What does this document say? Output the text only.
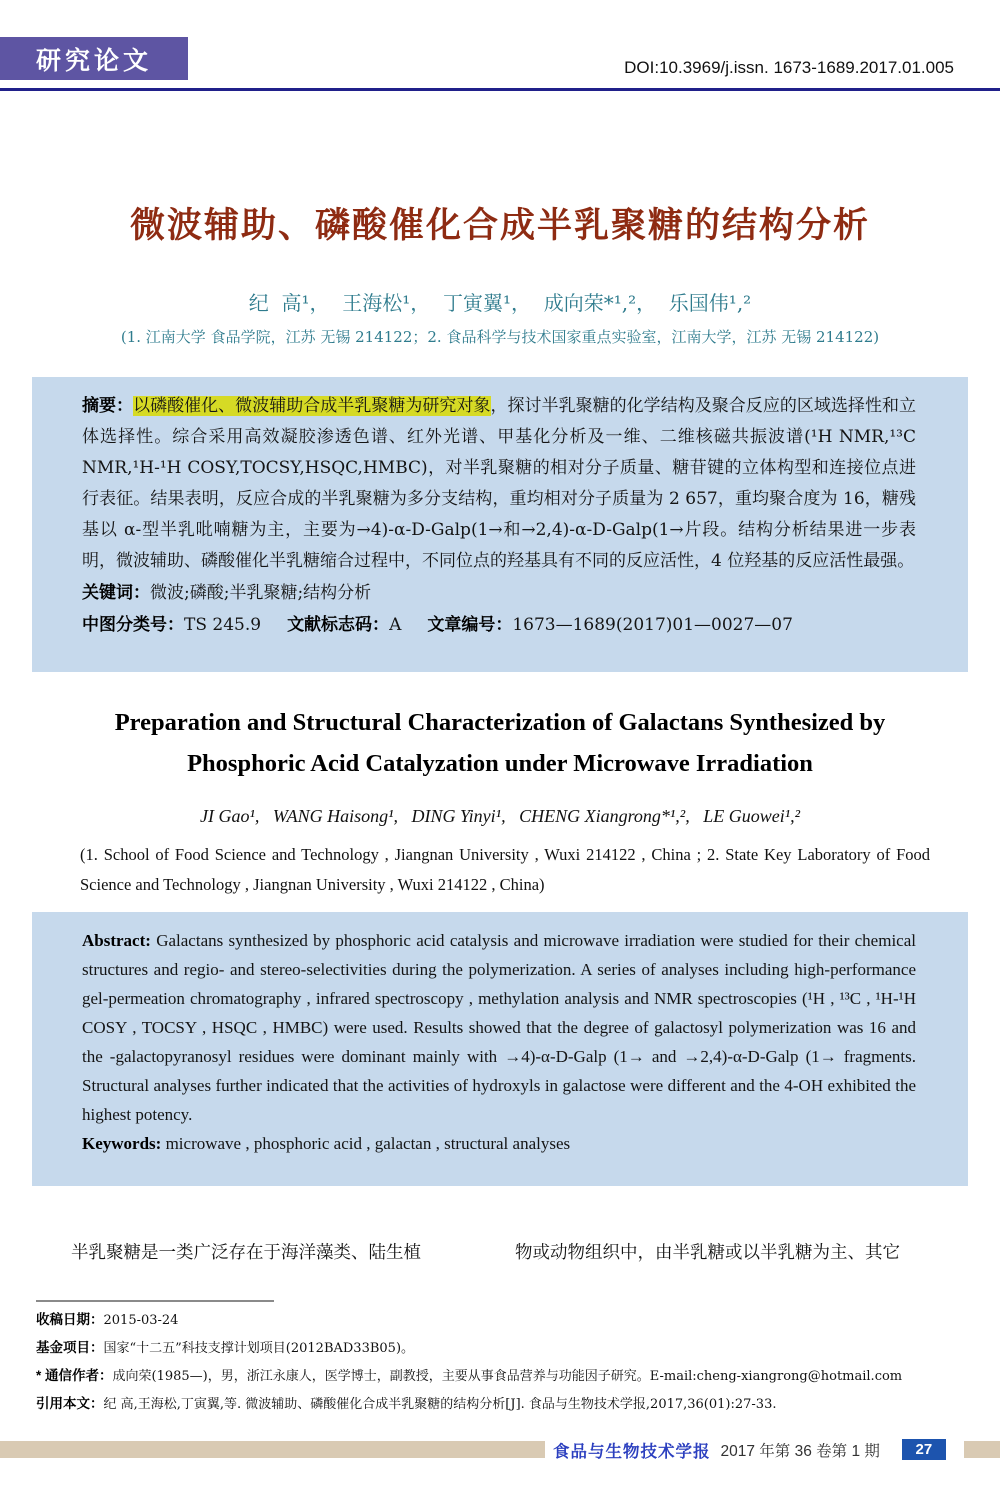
研究论文	DOI:10.3969/j.issn. 1673-1689.2017.01.005
微波辅助、磷酸催化合成半乳聚糖的结构分析
纪  高¹，  王海松¹，  丁寅翼¹，  成向荣*¹,²，  乐国伟¹,²
(1. 江南大学 食品学院，江苏 无锡 214122；2. 食品科学与技术国家重点实验室，江南大学，江苏 无锡 214122)

摘要：以磷酸催化、微波辅助合成半乳聚糖为研究对象，探讨半乳聚糖的化学结构及聚合反应的区域选择性和立体选择性。综合采用高效凝胶渗透色谱、红外光谱、甲基化分析及一维、二维核磁共振波谱(¹H NMR,¹³C NMR,¹H-¹H COSY,TOCSY,HSQC,HMBC)，对半乳聚糖的相对分子质量、糖苷键的立体构型和连接位点进行表征。结果表明，反应合成的半乳聚糖为多分支结构，重均相对分子质量为 2 657，重均聚合度为 16，糖残基以 α-型半乳吡喃糖为主，主要为→4)-α-D-Galp(1→和→2,4)-α-D-Galp(1→片段。结构分析结果进一步表明，微波辅助、磷酸催化半乳糖缩合过程中，不同位点的羟基具有不同的反应活性，4 位羟基的反应活性最强。

关键词：微波;磷酸;半乳聚糖;结构分析

中图分类号：TS 245.9 文献标志码：A 文章编号：1673—1689(2017)01—0027—07

Preparation and Structural Characterization of Galactans Synthesized by Phosphoric Acid Catalyzation under Microwave Irradiation
JI Gao¹,   WANG Haisong¹,   DING Yinyi¹,   CHENG Xiangrong*¹,²,   LE Guowei¹,²
(1. School of Food Science and Technology , Jiangnan University , Wuxi 214122 , China ; 2. State Key Laboratory of Food Science and Technology , Jiangnan University , Wuxi 214122 , China)

Abstract: Galactans synthesized by phosphoric acid catalysis and microwave irradiation were studied for their chemical structures and regio- and stereo-selectivities during the polymerization. A series of analyses including high-performance gel-permeation chromatography , infrared spectroscopy , methylation analysis and NMR spectroscopies (¹H , ¹³C , ¹H-¹H COSY , TOCSY , HSQC , HMBC) were used. Results showed that the degree of galactosyl polymerization was 16 and the -galactopyranosyl residues were dominant mainly with →4)-α-D-Galp (1→ and →2,4)-α-D-Galp (1→ fragments. Structural analyses further indicated that the activities of hydroxyls in galactose were different and the 4-OH exhibited the highest potency.

Keywords: microwave , phosphoric acid , galactan , structural analyses

半乳聚糖是一类广泛存在于海洋藻类、陆生植	物或动物组织中，由半乳糖或以半乳糖为主、其它
收稿日期：2015-03-24
基金项目：国家“十二五”科技支撑计划项目(2012BAD33B05)。
* 通信作者：成向荣(1985—)，男，浙江永康人，医学博士，副教授，主要从事食品营养与功能因子研究。E-mail:cheng-xiangrong@hotmail.com
引用本文：纪 高,王海松,丁寅翼,等. 微波辅助、磷酸催化合成半乳聚糖的结构分析[J]. 食品与生物技术学报,2017,36(01):27-33.
食品与生物技术学报 2017 年第 36 卷第 1 期 27
